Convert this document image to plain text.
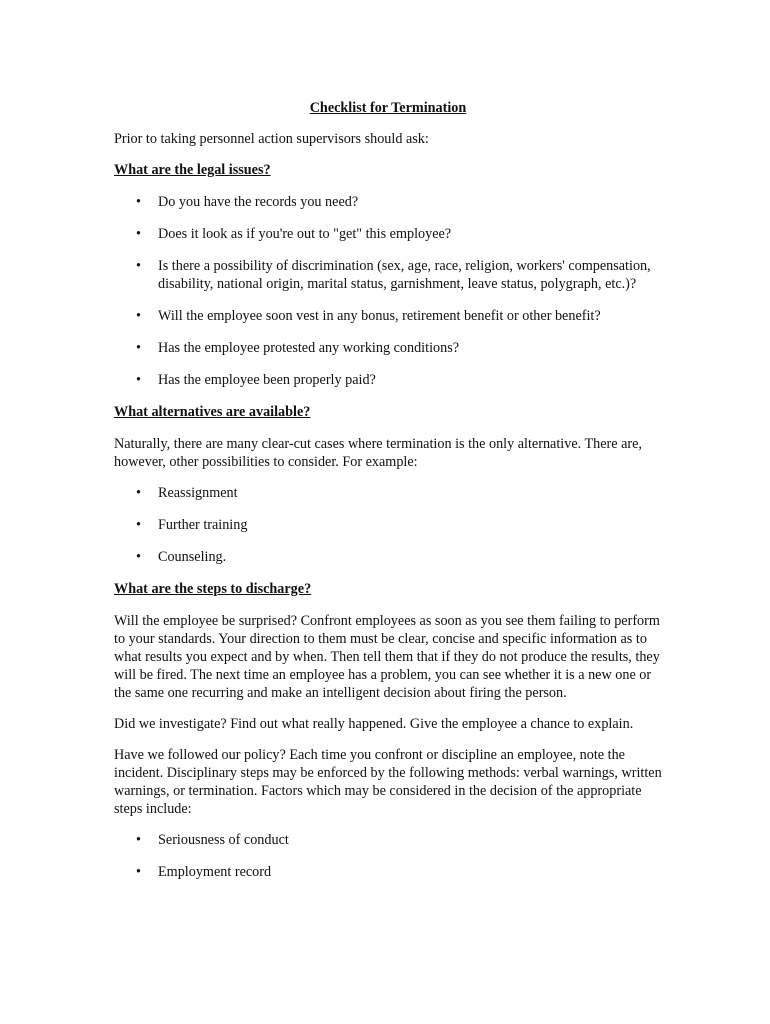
Checklist for Termination
Prior to taking personnel action supervisors should ask:
What are the legal issues?
• Do you have the records you need?
• Does it look as if you're out to "get" this employee?
• Is there a possibility of discrimination (sex, age, race, religion, workers' compensation, disability, national origin, marital status, garnishment, leave status, polygraph, etc.)?
• Will the employee soon vest in any bonus, retirement benefit or other benefit?
• Has the employee protested any working conditions?
• Has the employee been properly paid?
What alternatives are available?
Naturally, there are many clear-cut cases where termination is the only alternative. There are, however, other possibilities to consider. For example:
• Reassignment
• Further training
• Counseling.
What are the steps to discharge?
Will the employee be surprised? Confront employees as soon as you see them failing to perform to your standards. Your direction to them must be clear, concise and specific information as to what results you expect and by when. Then tell them that if they do not produce the results, they will be fired. The next time an employee has a problem, you can see whether it is a new one or the same one recurring and make an intelligent decision about firing the person.
Did we investigate? Find out what really happened. Give the employee a chance to explain.
Have we followed our policy? Each time you confront or discipline an employee, note the incident. Disciplinary steps may be enforced by the following methods: verbal warnings, written warnings, or termination. Factors which may be considered in the decision of the appropriate steps include:
• Seriousness of conduct
• Employment record
